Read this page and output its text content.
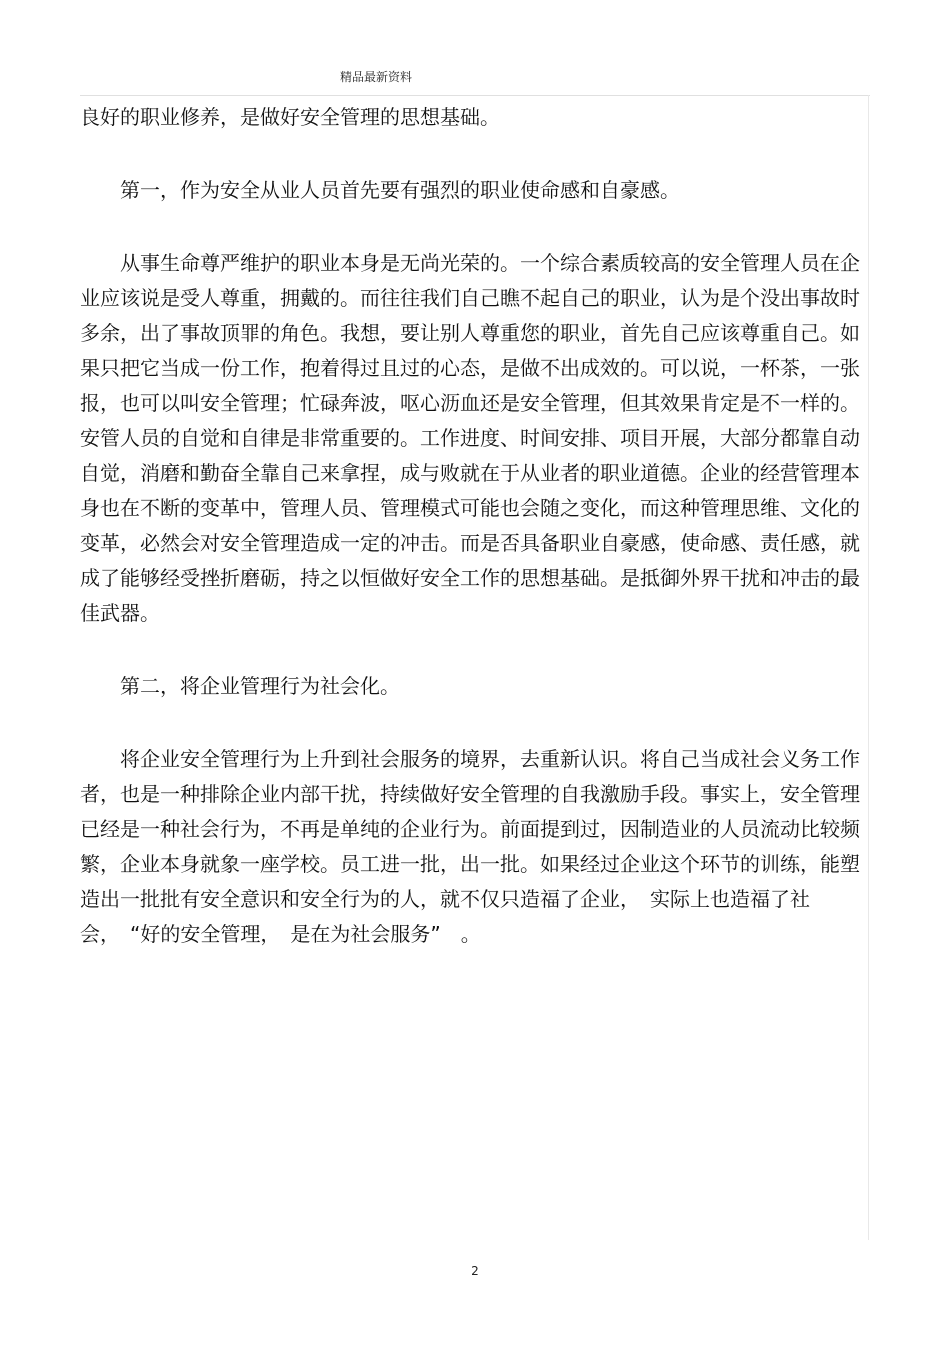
精品最新资料

良好的职业修养，是做好安全管理的思想基础。

第一，作为安全从业人员首先要有强烈的职业使命感和自豪感。

从事生命尊严维护的职业本身是无尚光荣的。一个综合素质较高的安全管理人员在企业应该说是受人尊重，拥戴的。而往往我们自己瞧不起自己的职业，认为是个没出事故时多余，出了事故顶罪的角色。我想，要让别人尊重您的职业，首先自己应该尊重自己。如果只把它当成一份工作，抱着得过且过的心态，是做不出成效的。可以说，一杯茶，一张报，也可以叫安全管理；忙碌奔波，呕心沥血还是安全管理，但其效果肯定是不一样的。安管人员的自觉和自律是非常重要的。工作进度、时间安排、项目开展，大部分都靠自动自觉，消磨和勤奋全靠自己来拿捏，成与败就在于从业者的职业道德。企业的经营管理本身也在不断的变革中，管理人员、管理模式可能也会随之变化，而这种管理思维、文化的变革，必然会对安全管理造成一定的冲击。而是否具备职业自豪感，使命感、责任感，就成了能够经受挫折磨砺，持之以恒做好安全工作的思想基础。是抵御外界干扰和冲击的最佳武器。

第二，将企业管理行为社会化。

将企业安全管理行为上升到社会服务的境界，去重新认识。将自己当成社会义务工作者，也是一种排除企业内部干扰，持续做好安全管理的自我激励手段。事实上，安全管理已经是一种社会行为，不再是单纯的企业行为。前面提到过，因制造业的人员流动比较频繁，企业本身就象一座学校。员工进一批，出一批。如果经过企业这个环节的训练，能塑造出一批批有安全意识和安全行为的人，就不仅只造福了企业，　实际上也造福了社会，　“好的安全管理，　是在为社会服务”　。

2
